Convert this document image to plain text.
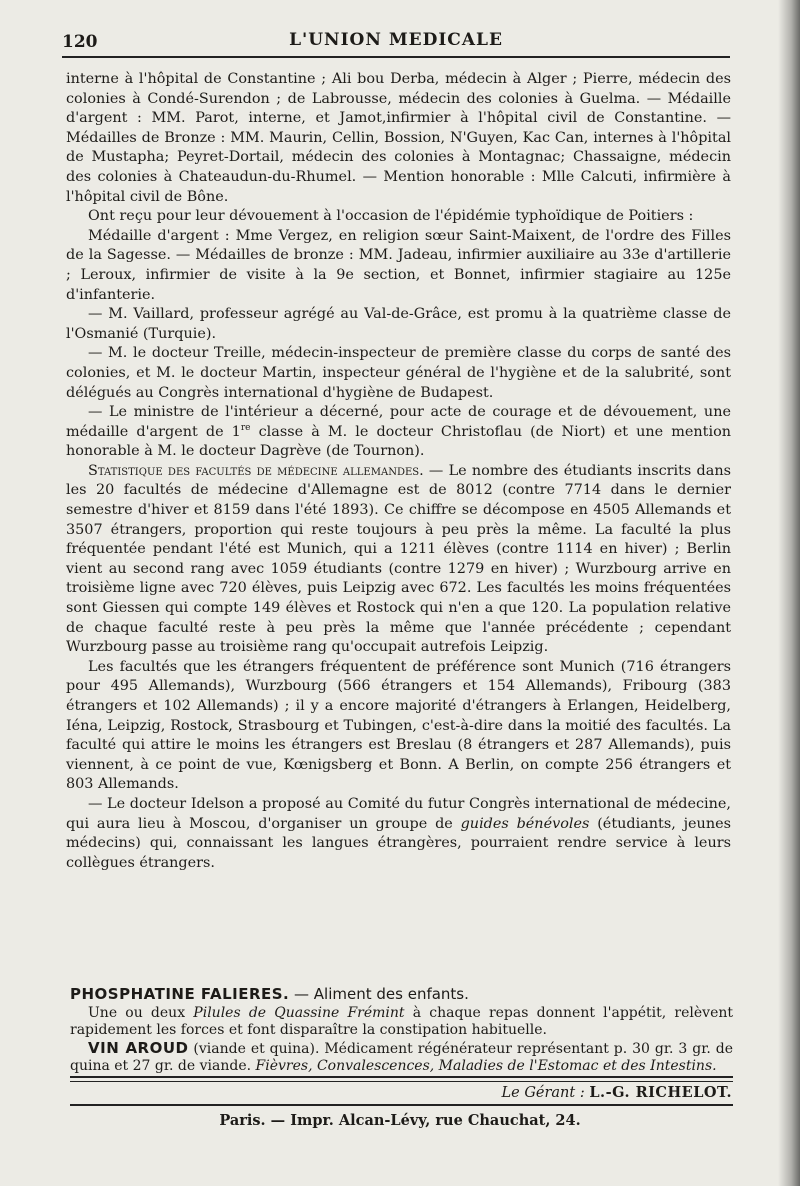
120	L'UNION MEDICALE

interne à l'hôpital de Constantine ; Ali bou Derba, médecin à Alger ; Pierre, médecin des colonies à Condé-Surendon ; de Labrousse, médecin des colonies à Guelma. — Médaille d'argent : MM. Parot, interne, et Jamot,infirmier à l'hôpital civil de Constantine. — Médailles de Bronze : MM. Maurin, Cellin, Bossion, N'Guyen, Kac Can, internes à l'hôpital de Mustapha; Peyret-Dortail, médecin des colonies à Montagnac; Chassaigne, médecin des colonies à Chateaudun-du-Rhumel. — Mention honorable : Mlle Calcuti, infirmière à l'hôpital civil de Bône.

Ont reçu pour leur dévouement à l'occasion de l'épidémie typhoïdique de Poitiers :

Médaille d'argent : Mme Vergez, en religion sœur Saint-Maixent, de l'ordre des Filles de la Sagesse. — Médailles de bronze : MM. Jadeau, infirmier auxiliaire au 33e d'artillerie ; Leroux, infirmier de visite à la 9e section, et Bonnet, infirmier stagiaire au 125e d'infanterie.

— M. Vaillard, professeur agrégé au Val-de-Grâce, est promu à la quatrième classe de l'Osmanié (Turquie).

— M. le docteur Treille, médecin-inspecteur de première classe du corps de santé des colonies, et M. le docteur Martin, inspecteur général de l'hygiène et de la salubrité, sont délégués au Congrès international d'hygiène de Budapest.

— Le ministre de l'intérieur a décerné, pour acte de courage et de dévouement, une médaille d'argent de 1re classe à M. le docteur Christoflau (de Niort) et une mention honorable à M. le docteur Dagrève (de Tournon).

Statistique des facultés de médecine allemandes. — Le nombre des étudiants inscrits dans les 20 facultés de médecine d'Allemagne est de 8012 (contre 7714 dans le dernier semestre d'hiver et 8159 dans l'été 1893). Ce chiffre se décompose en 4505 Allemands et 3507 étrangers, proportion qui reste toujours à peu près la même. La faculté la plus fréquentée pendant l'été est Munich, qui a 1211 élèves (contre 1114 en hiver) ; Berlin vient au second rang avec 1059 étudiants (contre 1279 en hiver) ; Wurzbourg arrive en troisième ligne avec 720 élèves, puis Leipzig avec 672. Les facultés les moins fréquentées sont Giessen qui compte 149 élèves et Rostock qui n'en a que 120. La population relative de chaque faculté reste à peu près la même que l'année précédente ; cependant Wurzbourg passe au troisième rang qu'occupait autrefois Leipzig.

Les facultés que les étrangers fréquentent de préférence sont Munich (716 étrangers pour 495 Allemands), Wurzbourg (566 étrangers et 154 Allemands), Fribourg (383 étrangers et 102 Allemands) ; il y a encore majorité d'étrangers à Erlangen, Heidelberg, Iéna, Leipzig, Rostock, Strasbourg et Tubingen, c'est-à-dire dans la moitié des facultés. La faculté qui attire le moins les étrangers est Breslau (8 étrangers et 287 Allemands), puis viennent, à ce point de vue, Kœnigsberg et Bonn. A Berlin, on compte 256 étrangers et 803 Allemands.

— Le docteur Idelson a proposé au Comité du futur Congrès international de médecine, qui aura lieu à Moscou, d'organiser un groupe de guides bénévoles (étudiants, jeunes médecins) qui, connaissant les langues étrangères, pourraient rendre service à leurs collègues étrangers.

PHOSPHATINE FALIERES. — Aliment des enfants.

Une ou deux Pilules de Quassine Frémint à chaque repas donnent l'appétit, relèvent rapidement les forces et font disparaître la constipation habituelle.

VIN AROUD (viande et quina). Médicament régénérateur représentant p. 30 gr. 3 gr. de quina et 27 gr. de viande. Fièvres, Convalescences, Maladies de l'Estomac et des Intestins.

Le Gérant : L.-G. RICHELOT.
Paris. — Impr. Alcan-Lévy, rue Chauchat, 24.
